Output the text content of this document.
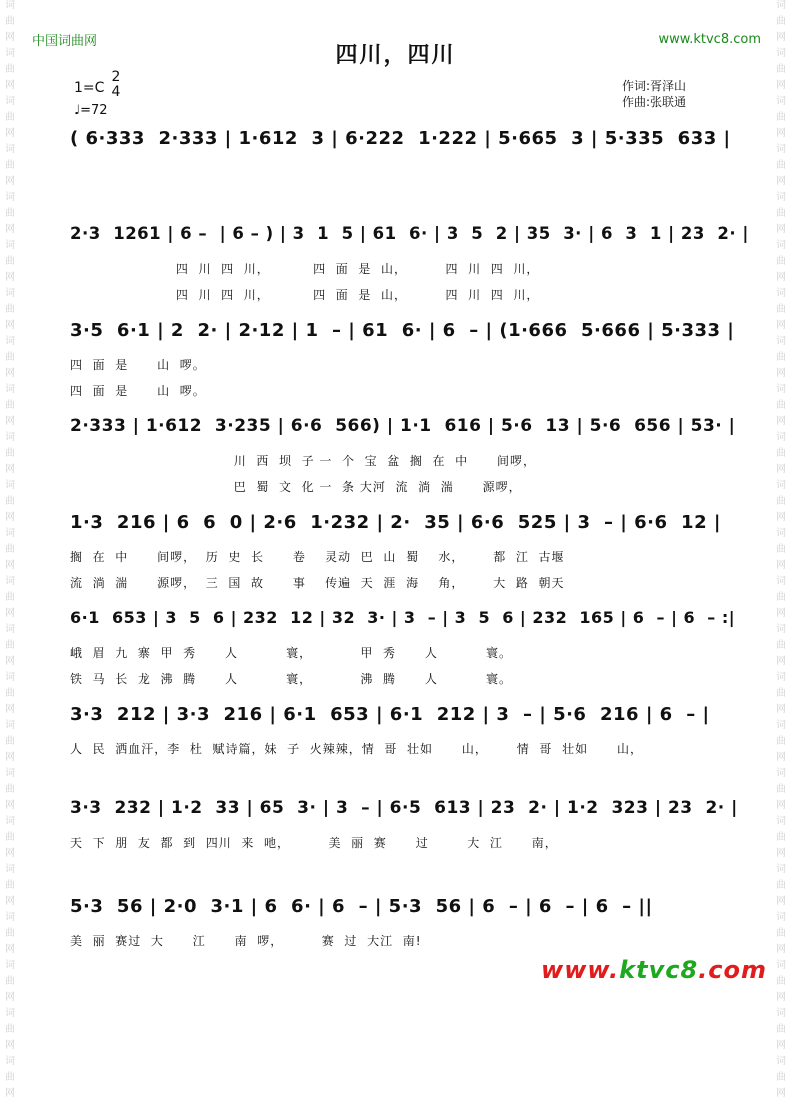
词
曲
网
词
曲
网
词
曲
网
词
曲
网
词
曲
网
词
曲
网
词
曲
网
词
曲
网
词
曲
网
词
曲
网
词
曲
网
词
曲
网
词
曲
网
词
曲
网
词
曲
网
词
曲
网
词
曲
网
词
曲
网
词
曲
网
词
曲
网
词
曲
网
词
曲
网
词
曲
网
词
曲
网
词
曲
网
词
曲
网
词
曲
网
词
曲
网
词
曲
网
词
曲
网
词
曲
网
词
曲
网
词
曲
网
词
曲
网
词
曲
网
词
曲
网
词
曲
网
词
曲
网
词
曲
网
词
曲
网
词
曲
网
词
曲
网
词
曲
网
词
曲
网
词
曲
网
词
曲
网
中国词曲网	www.ktvc8.com
四川，四川
1=C
2
4
♩=72
作词:胥泽山
作曲:张联通
( 6·333  2·333 | 1·612  3 | 6·222  1·222 | 5·665  3 | 5·335  633 |
2·3  1261 | 6 –  | 6 – ) | 3  1  5 | 61  6· | 3  5  2 | 35  3· | 6  3  1 | 23  2· |
四  川  四  川，         四  面  是  山，        四  川  四  川，
四  川  四  川，         四  面  是  山，        四  川  四  川，
3·5  6·1 | 2  2· | 2·12 | 1  – | 61  6· | 6  – | (1·666  5·666 | 5·333 |
四  面  是      山  啰。
四  面  是      山  啰。
2·333 | 1·612  3·235 | 6·6  566) | 1·1  616 | 5·6  13 | 5·6  656 | 53· |
川  西  坝  子 一  个  宝  盆  搁  在  中      间啰，
巴  蜀  文  化 一  条 大河  流  淌  湍      源啰，
1·3  216 | 6  6  0 | 2·6  1·232 | 2·  35 | 6·6  525 | 3  – | 6·6  12 |
搁  在  中      间啰，  历  史  长      卷    灵动  巴  山  蜀    水，      都  江  古堰
流  淌  湍      源啰，  三  国  故      事    传遍  天  涯  海    角，      大  路  朝天
6·1  653 | 3  5  6 | 232  12 | 32  3· | 3  – | 3  5  6 | 232  165 | 6  – | 6  – :|
峨  眉  九  寨  甲  秀      人          寰，          甲  秀      人          寰。
铁  马  长  龙  沸  腾      人          寰，          沸  腾      人          寰。
3·3  212 | 3·3  216 | 6·1  653 | 6·1  212 | 3  – | 5·6  216 | 6  – |
人  民  洒血汗，李  杜  赋诗篇，妹  子  火辣辣，情  哥  壮如      山，      情  哥  壮如      山，
3·3  232 | 1·2  33 | 65  3· | 3  – | 6·5  613 | 23  2· | 1·2  323 | 23  2· |
天  下  朋  友  都  到  四川  来  吔，        美  丽  赛      过        大  江      南，
5·3  56 | 2·0  3·1 | 6  6· | 6  – | 5·3  56 | 6  – | 6  – | 6  – ||
美  丽  赛过  大      江      南  啰，        赛  过  大江  南!
www.ktvc8.com
